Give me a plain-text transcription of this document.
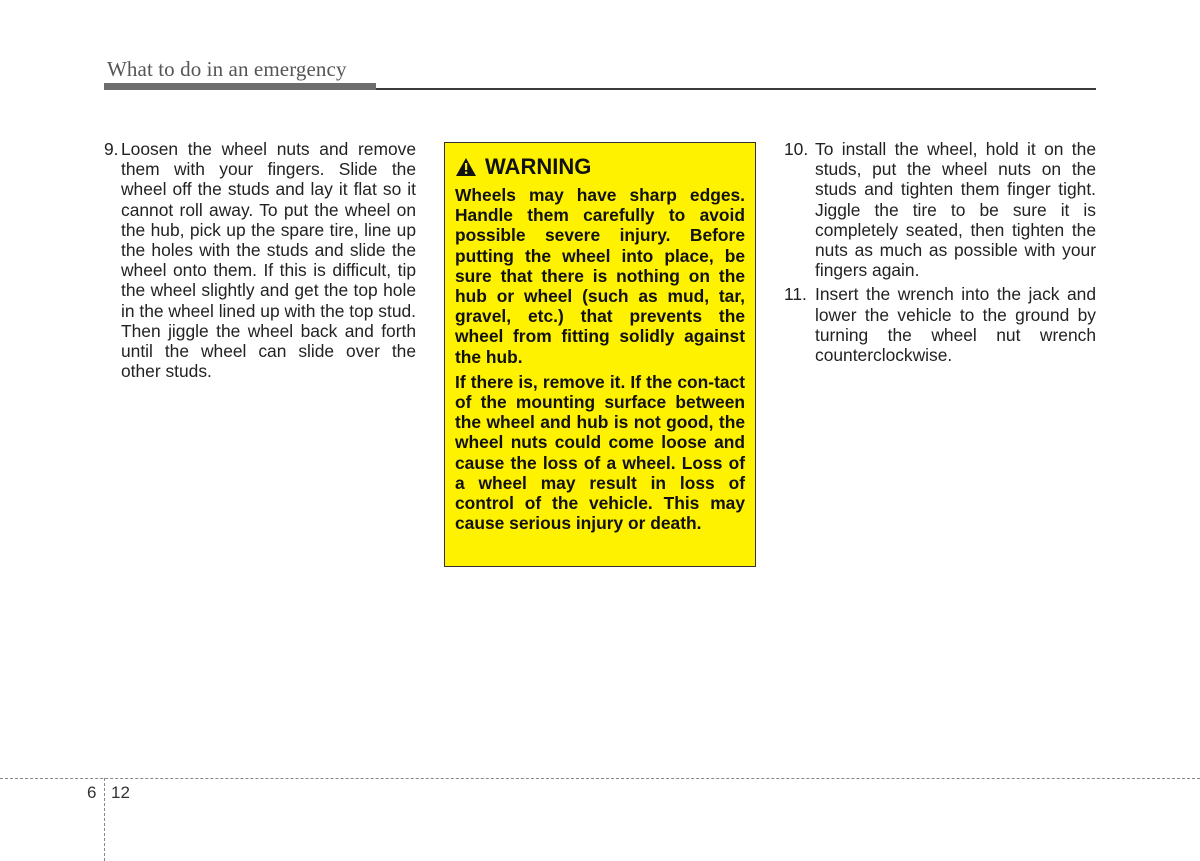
What to do in an emergency
9. Loosen the wheel nuts and remove them with your fingers. Slide the wheel off the studs and lay it flat so it cannot roll away. To put the wheel on the hub, pick up the spare tire, line up the holes with the studs and slide the wheel onto them. If this is difficult, tip the wheel slightly and get the top hole in the wheel lined up with the top stud. Then jiggle the wheel back and forth until the wheel can slide over the other studs.
WARNING

Wheels may have sharp edges. Handle them carefully to avoid possible severe injury. Before putting the wheel into place, be sure that there is nothing on the hub or wheel (such as mud, tar, gravel, etc.) that prevents the wheel from fitting solidly against the hub.

If there is, remove it. If the con-tact of the mounting surface between the wheel and hub is not good, the wheel nuts could come loose and cause the loss of a wheel. Loss of a wheel may result in loss of control of the vehicle. This may cause serious injury or death.

10. To install the wheel, hold it on the studs, put the wheel nuts on the studs and tighten them finger tight. Jiggle the tire to be sure it is completely seated, then tighten the nuts as much as possible with your fingers again.
11. Insert the wrench into the jack and lower the vehicle to the ground by turning the wheel nut wrench counterclockwise.
6 12
